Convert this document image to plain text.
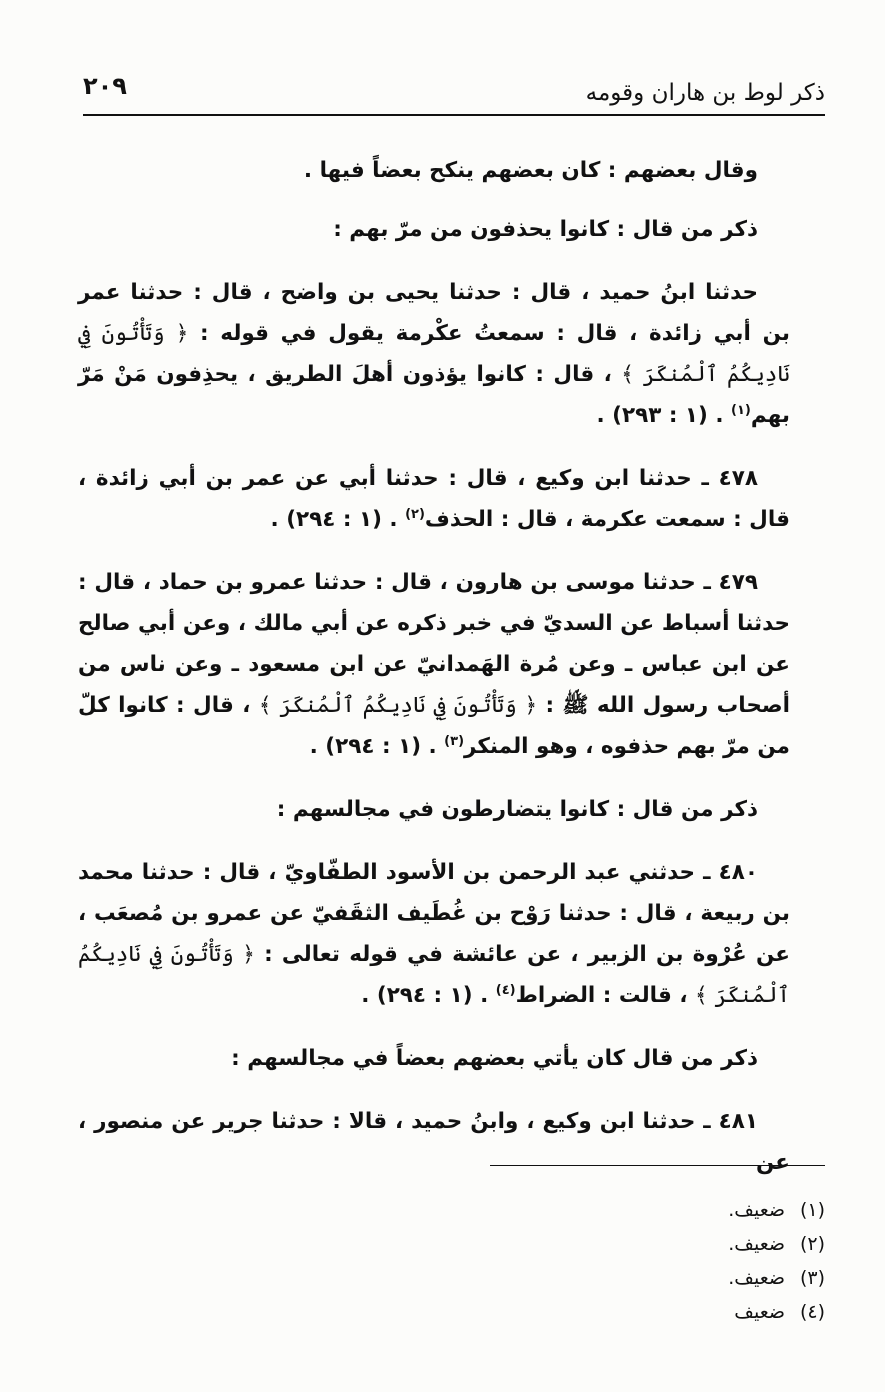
ذكر لوط بن هاران وقومه
٢٠٩

وقال بعضهم : كان بعضهم ينكح بعضاً فيها .

ذكر من قال : كانوا يحذفون من مرّ بهم :

حدثنا ابنُ حميد ، قال : حدثنا يحيى بن واضح ، قال : حدثنا عمر بن أبي زائدة ، قال : سمعتُ عكْرمة يقول في قوله : ﴿ وَتَأْتُونَ فِي نَادِيكُمُ ٱلْمُنكَرَ ﴾ ، قال : كانوا يؤذون أهلَ الطريق ، يحذِفون مَنْ مَرّ بهم$^{(١)}$ . (١ : ٢٩٣) .

٤٧٨ ـ حدثنا ابن وكيع ، قال : حدثنا أبي عن عمر بن أبي زائدة ، قال : سمعت عكرمة ، قال : الحذف$^{(٢)}$ . (١ : ٢٩٤) .

٤٧٩ ـ حدثنا موسى بن هارون ، قال : حدثنا عمرو بن حماد ، قال : حدثنا أسباط عن السديّ في خبر ذكره عن أبي مالك ، وعن أبي صالح عن ابن عباس ـ وعن مُرة الهَمدانيّ عن ابن مسعود ـ وعن ناس من أصحاب رسول الله ﷺ : ﴿ وَتَأْتُونَ فِي نَادِيكُمُ ٱلْمُنكَرَ ﴾ ، قال : كانوا كلّ من مرّ بهم حذفوه ، وهو المنكر$^{(٣)}$ . (١ : ٢٩٤) .

ذكر من قال : كانوا يتضارطون في مجالسهم :

٤٨٠ ـ حدثني عبد الرحمن بن الأسود الطفّاويّ ، قال : حدثنا محمد بن ربيعة ، قال : حدثنا رَوْح بن غُطَيف الثقَفيّ عن عمرو بن مُصعَب ، عن عُرْوة بن الزبير ، عن عائشة في قوله تعالى : ﴿ وَتَأْتُونَ فِي نَادِيكُمُ ٱلْمُنكَرَ ﴾ ، قالت : الضراط$^{(٤)}$ . (١ : ٢٩٤) .

ذكر من قال كان يأتي بعضهم بعضاً في مجالسهم :

٤٨١ ـ حدثنا ابن وكيع ، وابنُ حميد ، قالا : حدثنا جرير عن منصور ، عن

(١)ضعيف.
(٢)ضعيف.
(٣)ضعيف.
(٤)ضعيف
